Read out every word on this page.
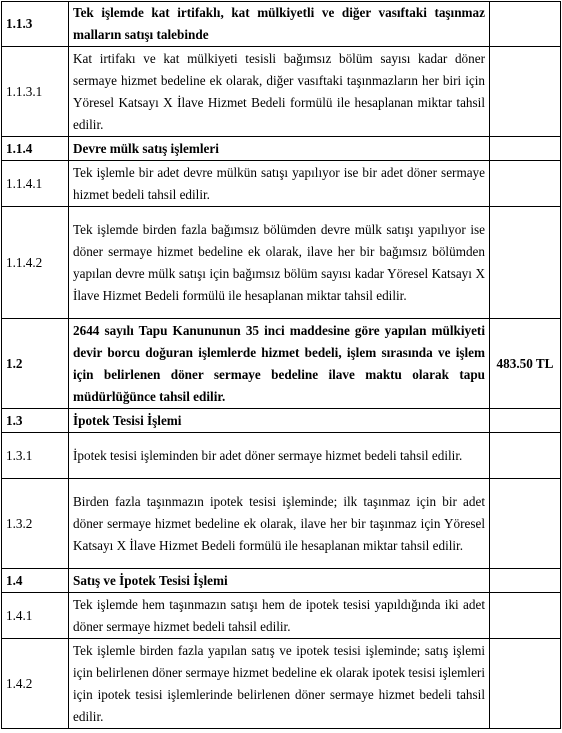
1.1.3	Tek işlemde kat irtifaklı, kat mülkiyetli ve diğer vasıftaki taşınmaz malların satışı talebinde	
1.1.3.1	Kat irtifakı ve kat mülkiyeti tesisli bağımsız bölüm sayısı kadar döner sermaye hizmet bedeline ek olarak, diğer vasıftaki taşınmazların her biri için Yöresel Katsayı X İlave Hizmet Bedeli formülü ile hesaplanan miktar tahsil edilir.	
1.1.4	Devre mülk satış işlemleri	
1.1.4.1	Tek işlemle bir adet devre mülkün satışı yapılıyor ise bir adet döner sermaye hizmet bedeli tahsil edilir.	
1.1.4.2	Tek işlemde birden fazla bağımsız bölümden devre mülk satışı yapılıyor ise döner sermaye hizmet bedeline ek olarak, ilave her bir bağımsız bölümden yapılan devre mülk satışı için bağımsız bölüm sayısı kadar Yöresel Katsayı X İlave Hizmet Bedeli formülü ile hesaplanan miktar tahsil edilir.	
1.2	2644 sayılı Tapu Kanununun 35 inci maddesine göre yapılan mülkiyeti devir borcu doğuran işlemlerde hizmet bedeli, işlem sırasında ve işlem için belirlenen döner sermaye bedeline ilave maktu olarak tapu müdürlüğünce tahsil edilir.	483.50 TL
1.3	İpotek Tesisi İşlemi	
1.3.1	İpotek tesisi işleminden bir adet döner sermaye hizmet bedeli tahsil edilir.	
1.3.2	Birden fazla taşınmazın ipotek tesisi işleminde; ilk taşınmaz için bir adet döner sermaye hizmet bedeline ek olarak, ilave her bir taşınmaz için Yöresel Katsayı X İlave Hizmet Bedeli formülü ile hesaplanan miktar tahsil edilir.	
1.4	Satış ve İpotek Tesisi İşlemi	
1.4.1	Tek işlemde hem taşınmazın satışı hem de ipotek tesisi yapıldığında iki adet döner sermaye hizmet bedeli tahsil edilir.	
1.4.2	Tek işlemle birden fazla yapılan satış ve ipotek tesisi işleminde; satış işlemi için belirlenen döner sermaye hizmet bedeline ek olarak ipotek tesisi işlemleri için ipotek tesisi işlemlerinde belirlenen döner sermaye hizmet bedeli tahsil edilir.	
